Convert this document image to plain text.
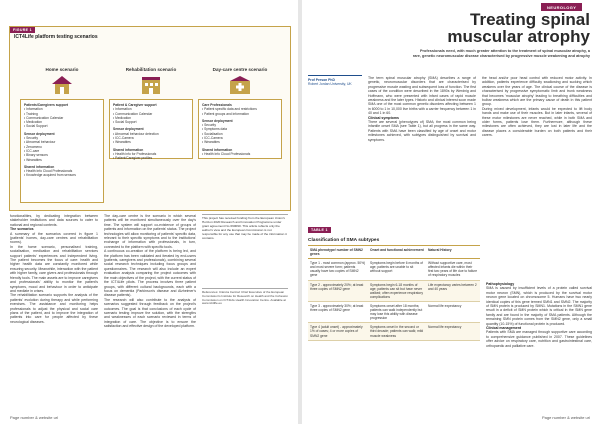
FIGURE 1
ICT4Life platform testing scenarios
Home scenario
Patients/Caregivers support
• Information
• Training
• Communication Calendar
• Medication
• Social Support
Sensor deployment
• Security
• Abnormal behaviour
• Zenomeno
• ICC-care
• Binary sensors
• Wearables
Shared information
• Health Info Cloud Professionals
• Knowledge acquired from sensors
Rehabilitation scenario
Patient & Caregiver support
• Information
• Communication Calendar
• Medication
• Social Support
Sensor deployment
• Abnormal behaviour detection
• ICC-Camera
• Wearables
Shared information
• Health info for Professionals
• Patient/Caregiver profiles
Day-care centre scenario
Care Professionals
• Patient specific data and restrictions
• Patient groups and information
Sensor deployment
• Security
• Symptoms data
• Socialisation
• ICC-Camera
• Wearables
Shared information
• Health Info Cloud Professionals

functionalities, by dedicating integration between stakeholder institutions and data sources to cater to national and regional contexts.

The scenarios

A summary of the scenarios covered in figure 1 (patients' homes, day-care centres and rehabilitation rooms).

In the home scenario, personalised training, socialisation, medication and rehabilitation services support patients' experiences and independent living. The patient becomes the focus of care: health and higher health data are constantly monitored while ensuring security. Meanwhile, interaction with the patient with higher family, care givers and professionals through friendly tools. The main assets are to improve caregivers and professionals' ability to monitor the patient's symptoms, mood and behaviour in order to anticipate and mediate in crises.

The rehabilitation scenario supports the analysis of the patients' evolution during therapy and while performing exercises. The assistance and monitoring helps professionals to adjust the physical and social care plans of the patient, and to improve the integration of patients into care for people affected by these neurological diseases.

The day-care centre is the scenario in which several patients will be monitored simultaneously over the day's time. The system will support co-existence of groups of patients and information on the patients' status. The project technologies will allow monitoring of patients' specific data, relevant to their specific symptoms and to the institutions' exchange of information with professionals, in turn, connected to the platform with specific tools.

A continuous co-creation of the platform is being led, and the platform has been validated and iterated by end-users (patients, caregivers and professionals), combining several social research techniques including focus groups and questionnaires. The research will also include an expert evaluation analysis comparing the project outcomes with the main objectives of the project, with the current status of the ICT4Life pilots. The process involves three patient groups, with different cultural backgrounds, each with a focus on dementia (Parkinson's disease and Alzheimer's disease patients).

The research will also contribute to the analysis of scenarios suggested through feedback on the project's outcomes. The goal is that conclusions of each cycle of scenario testing improve the solution, with the strengths and weaknesses of each scenario reviewed in terms of integration of care. The objective is to ensure the satisfaction and effective design of the developed platform.

This project has received funding from the European Union's Horizon 2020 Research and Innovation Programme under grant agreement No 690090. This article reflects only the author's view and the European Commission is not responsible for any use that may be made of the information it contains.
References: Ciência Central: Chief Executive of the European Commission's Institute for Research on Health and the Cohesion Commission on ICT4Life Health Innovation Centre. Available at www.ict4life.eu
Page number & website url
NEUROLOGY
Treating spinal
muscular atrophy
Professionals need, with much greater attention to the treatment of spinal muscular atrophy, a rare, genetic neuromuscular disease characterised by progressive muscle weakening and atrophy
Prof Person PhD
Robert Jordan University, UK

The term spinal muscular atrophy (SMA) describes a range of genetic, neuromuscular disorders that are characterised by progressive muscle wasting and subsequent loss of function. The first cases of the condition were described in the 1890s by Werdnig and Hoffmann, who were presented with infant cases of rapid muscle weakness and the later types. Historic and clinical interest soon made SMA one of the most common genetic disorders affecting between 1 in 6000 to 1 in 10,000 live births with a carrier frequency between 1 in 40 and 1 in 60.

Clinical symptoms

There are several (phenotypes of) SMA; the most common being infantile onset SMA (see Table 1), but all progress in the same way. Patients with SMA have been classified by age of onset and motor milestones achieved, with subtypes distinguished by survival and symptoms.

the head and/or poor head control with reduced motor activity. In addition, patients experience difficulty swallowing and sucking which weakens over the years of age. The clinical course of the disease is characterised by progressive symptomatic limb and trunk weakness that becomes 'muscular atrophy' leading to breathing difficulties and bulbar weakness which are the primary cause of death in this patient group.

During mixed development, infants would be expected to lift body hands and make use of their muscles. But in later infants, several of these motor milestones are never reached, while in both SMA and older forms, patients lose them. Furthermore, although these milestones are often achieved, they are lost in later life and the disease places a considerable burden on both patients and their carers.

TABLE 1
Classification of SMA subtypes
SMA phenotype/ number of SMN2 genes	Onset and functional achievement	Natural History
Type 1 - most common (approx. 50%) and most severe form; patients usually have two copies of SMN2 gene	Symptoms begin before 6 months of age; patients are unable to sit without support	Without supportive care, most affected infants die within their first two years of life due to failure of respiratory muscles
Type 2 - approximately 20%; at least three copies of SMN2 gene	Symptoms begin 6-18 months of age; patients can sit but have never walked; often experience respiratory complications	Life expectancy varies between 2 and 40 years
Type 3 - approximately 30%; at least three copies of SMN2 gene	Symptoms onset after 18 months; patients can walk independently but may lose this ability with disease progression	Normal life expectancy
Type 4 (adult onset) - approximately 1% of cases; 4 or more copies of SMN2 gene	Symptoms onset in the second or third decade; patients can walk; mild muscle weakness	Normal life expectancy

Pathophysiology

SMA is caused by insufficient levels of a protein called survival motor neuron (SMN), which is produced by the survival motor neuron gene located on chromosome 5. Humans have two nearly identical copies of this gene termed SMN1 and SMN2. The majority of SMN protein is produced by SMN1. Mutations in the SMN1 gene result in a deficit of SMN protein which is critical in the SMN gene family and are found in the majority of SMA patients. Although the remaining SMN protein comes from the SMN2 gene, only a small quantity (10-15%) of functional protein is produced.

Clinical management

Patients with SMA are managed through supportive care according to comprehensive guidance published in 2007. These guidelines offer advice on respiratory care, nutrition and gastrointestinal care, orthopaedic and palliative care.

Page number & website url
